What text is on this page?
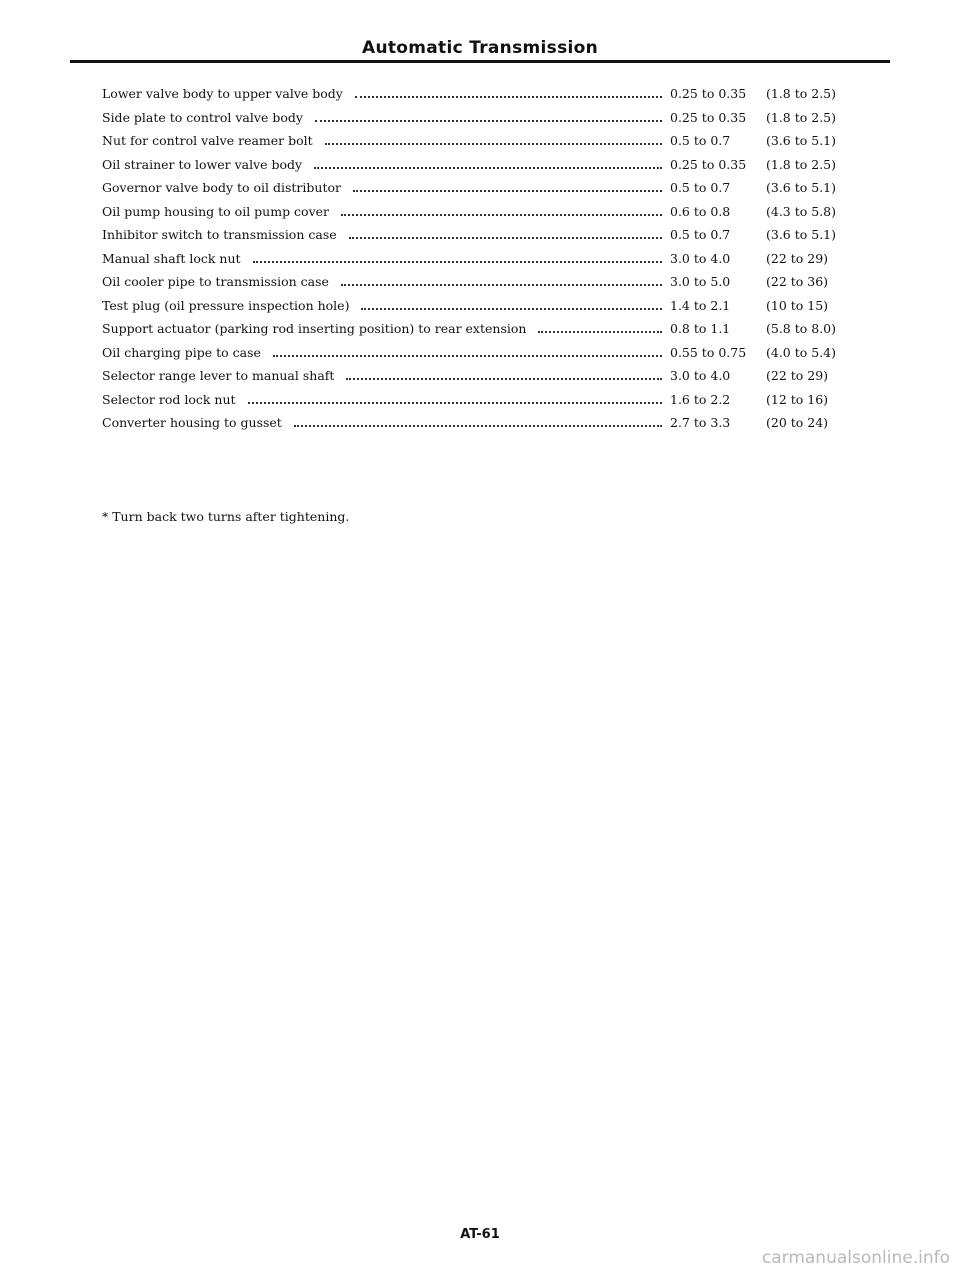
Automatic Transmission
Lower valve body to upper valve body	0.25 to 0.35 (1.8 to 2.5)
Side plate to control valve body	0.25 to 0.35 (1.8 to 2.5)
Nut for control valve reamer bolt	0.5 to 0.7	(3.6 to 5.1)
Oil strainer to lower valve body	0.25 to 0.35 (1.8 to 2.5)
Governor valve body to oil distributor	0.5 to 0.7	(3.6 to 5.1)
Oil pump housing to oil pump cover	0.6 to 0.8	(4.3 to 5.8)
Inhibitor switch to transmission case	0.5 to 0.7	(3.6 to 5.1)
Manual shaft lock nut	3.0 to 4.0	(22 to 29)
Oil cooler pipe to transmission case	3.0 to 5.0	(22 to 36)
Test plug (oil pressure inspection hole)	1.4 to 2.1	(10 to 15)
Support actuator (parking rod inserting position) to rear extension	0.8 to 1.1	(5.8 to 8.0)
Oil charging pipe to case	0.55 to 0.75 (4.0 to 5.4)
Selector range lever to manual shaft	3.0 to 4.0	(22 to 29)
Selector rod lock nut	1.6 to 2.2	(12 to 16)
Converter housing to gusset	2.7 to 3.3	(20 to 24)
* Turn back two turns after tightening.
AT-61
carmanualsonline.info
